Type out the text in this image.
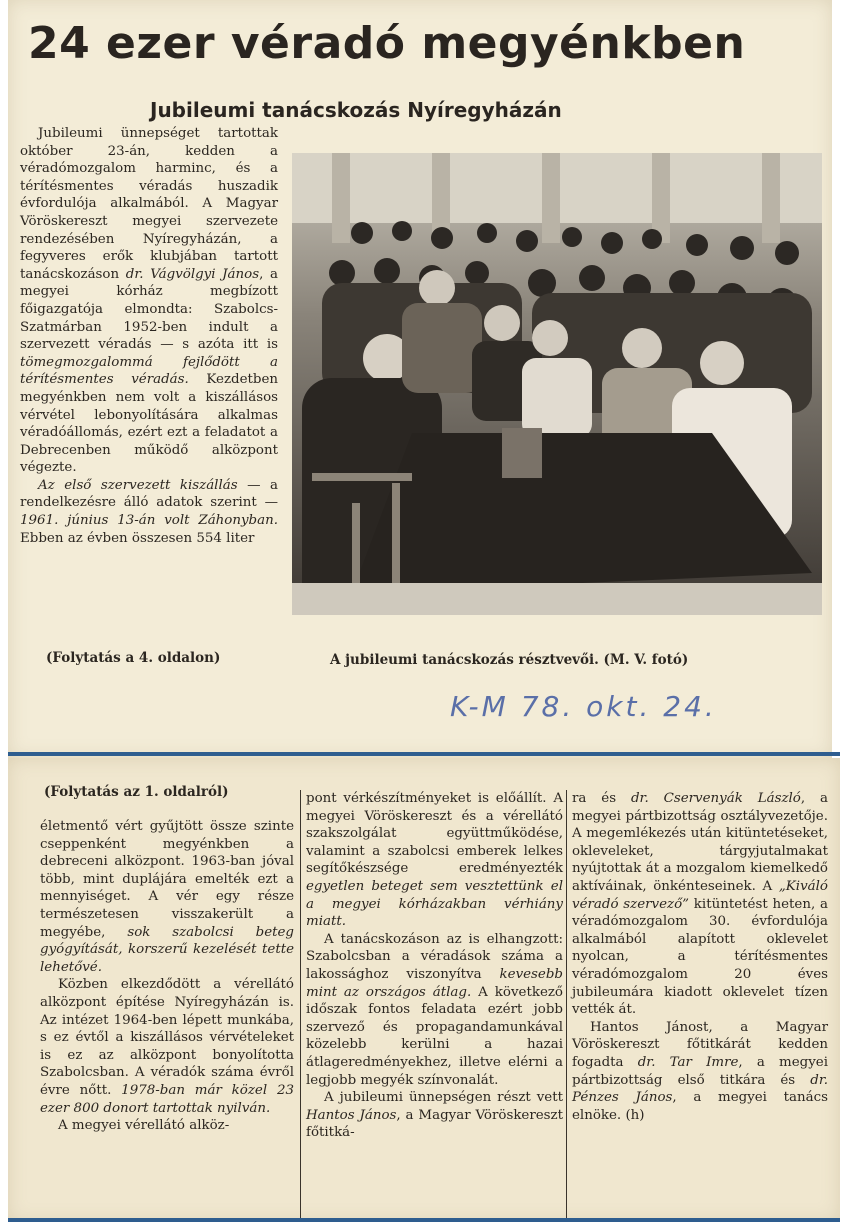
24 ezer véradó megyénkben
Jubileumi tanácskozás Nyíregyházán

Jubileumi ünnepséget tartottak október 23-án, kedden a véradómozgalom harminc, és a térítésmentes véradás huszadik évfordulója alkalmából. A Magyar Vöröskereszt megyei szervezete rendezésében Nyíregyházán, a fegyveres erők klubjában tartott tanácskozáson dr. Vágvölgyi János, a megyei kórház megbízott főigazgatója elmondta: Szabolcs-Szatmárban 1952-ben indult a szervezett véradás — s azóta itt is tömegmozgalommá fejlődött a térítésmentes véradás. Kezdetben megyénkben nem volt a kiszállásos vérvétel lebonyolítására alkalmas véradóállomás, ezért ezt a feladatot a Debrecenben működő alközpont végezte.

Az első szervezett kiszállás — a rendelkezésre álló adatok szerint — 1961. június 13-án volt Záhonyban. Ebben az évben összesen 554 liter

(Folytatás a 4. oldalon)	A jubileumi tanácskozás résztvevői. (M. V. fotó)
K-M 78. okt. 24.
(Folytatás az 1. oldalról)

életmentő vért gyűjtött össze szinte cseppenként megyénkben a debreceni alközpont. 1963-ban jóval több, mint duplájára emelték ezt a mennyiséget. A vér egy része természetesen visszakerült a megyébe, sok szabolcsi beteg gyógyítását, korszerű kezelését tette lehetővé.

Közben elkezdődött a vérellátó alközpont építése Nyíregyházán is. Az intézet 1964-ben lépett munkába, s ez évtől a kiszállásos vérvételeket is ez az alközpont bonyolította Szabolcsban. A véradók száma évről évre nőtt. 1978-ban már közel 23 ezer 800 donort tartottak nyilván.

A megyei vérellátó alköz-

pont vérkészítményeket is előállít. A megyei Vöröskereszt és a vérellátó szakszolgálat együttműködése, valamint a szabolcsi emberek lelkes segítőkészsége eredményezték egyetlen beteget sem vesztettünk el a megyei kórházakban vérhiány miatt.

A tanácskozáson az is elhangzott: Szabolcsban a véradások száma a lakossághoz viszonyítva kevesebb mint az országos átlag. A következő időszak fontos feladata ezért jobb szervező és propagandamunkával közelebb kerülni a hazai átlageredményekhez, illetve elérni a legjobb megyék színvonalát.

A jubileumi ünnepségen részt vett Hantos János, a Magyar Vöröskereszt főtitká-

ra és dr. Cservenyák László, a megyei pártbizottság osztályvezetője. A megemlékezés után kitüntetéseket, okleveleket, tárgyjutalmakat nyújtottak át a mozgalom kiemelkedő aktíváinak, önkénteseinek. A „Kiváló véradó szervező” kitüntetést heten, a véradómozgalom 30. évfordulója alkalmából alapított oklevelet nyolcan, a térítésmentes véradómozgalom 20 éves jubileumára kiadott oklevelet tízen vették át.

Hantos Jánost, a Magyar Vöröskereszt főtitkárát kedden fogadta dr. Tar Imre, a megyei pártbizottság első titkára és dr. Pénzes János, a megyei tanács elnöke. (h)
